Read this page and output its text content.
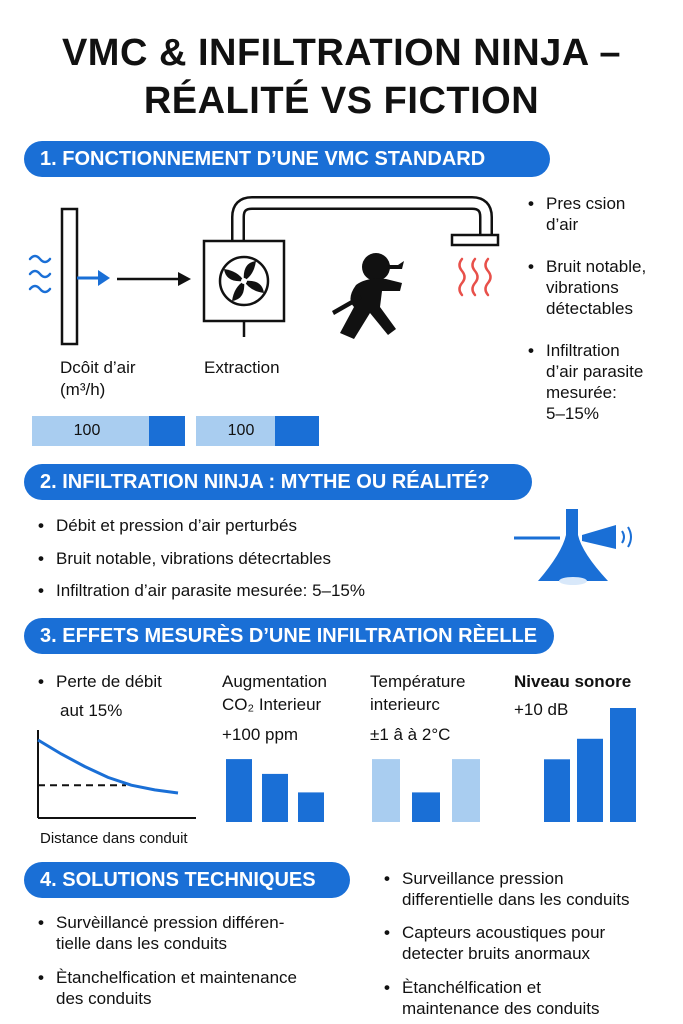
VMC & INFILTRATION NINJA –
RÉALITÉ VS FICTION
1. FONCTIONNEMENT D’UNE VMC STANDARD
Dcôit d’air
(m³/h)
Extraction
100	100
• Pres csion
d’air
• Bruit notable,
vibrations
détectables
• Infiltration
d’air parasite
mesurée:
5–15%
2. INFILTRATION NINJA : MYTHE OU RÉALITÉ?
• Débit et pression d’air perturbés
• Bruit notable, vibrations détecrtables
• Infiltration d’air parasite mesurée: 5–15%
3. EFFETS MESURÈS D’UNE INFILTRATION RÈELLE
• Perte de débit
aut 15%
Distance dans conduit
Augmentation
CO₂ Interieur
+100 ppm
Température
interieurc
±1 â à 2°C
Niveau sonore
+10 dB
4. SOLUTIONS TECHNIQUES
• Survèillancė pression différen-
tielle dans les conduits
• Ètanchelfication et maintenance
des conduits
• Surveillance pression
differentielle dans les conduits
• Capteurs acoustiques pour
detecter bruits anormaux
• Ètanchélfication et
maintenance des conduits
